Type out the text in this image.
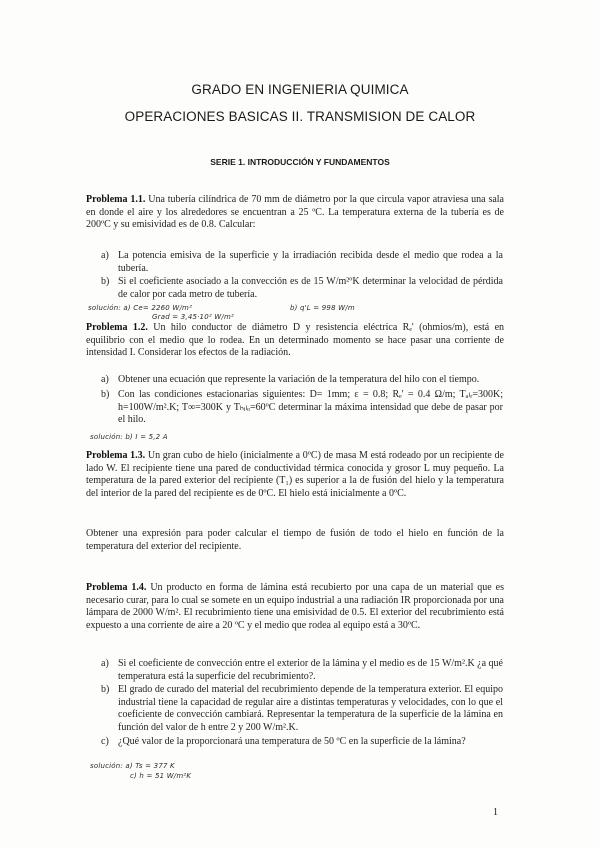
GRADO EN INGENIERIA QUIMICA
OPERACIONES BASICAS II. TRANSMISION DE CALOR
SERIE 1. INTRODUCCIÓN Y FUNDAMENTOS
Problema 1.1. Una tubería cilíndrica de 70 mm de diámetro por la que circula vapor atraviesa una sala en donde el aire y los alrededores se encuentran a 25 ºC. La temperatura externa de la tubería es de 200ºC y su emisividad es de 0.8. Calcular:
a) La potencia emisiva de la superficie y la irradiación recibida desde el medio que rodea a la tubería.
b) Si el coeficiente asociado a la convección es de 15 W/m²ºK determinar la velocidad de pérdida de calor por cada metro de tubería.
solución: a) Ce= 2260 W/m²
Grad = 3,45·10² W/m²
b) q'L = 998 W/m
Problema 1.2. Un hilo conductor de diámetro D y resistencia eléctrica Rₑ' (ohmios/m), está en equilibrio con el medio que lo rodea. En un determinado momento se hace pasar una corriente de intensidad I. Considerar los efectos de la radiación.
a) Obtener una ecuación que represente la variación de la temperatura del hilo con el tiempo.
b) Con las condiciones estacionarias siguientes: D= 1mm; ε = 0.8; Rₑ' = 0.4 Ω/m; Tₐₗᵣ=300K; h=100W/m².K; T∞=300K y Tₕᵢₗₒ=60ºC determinar la máxima intensidad que debe de pasar por el hilo.
solución: b) I = 5,2 A
Problema 1.3. Un gran cubo de hielo (inicialmente a 0ºC) de masa M está rodeado por un recipiente de lado W. El recipiente tiene una pared de conductividad térmica conocida y grosor L muy pequeño. La temperatura de la pared exterior del recipiente (T₁) es superior a la de fusión del hielo y la temperatura del interior de la pared del recipiente es de 0ºC. El hielo está inicialmente a 0ºC.
Obtener una expresión para poder calcular el tiempo de fusión de todo el hielo en función de la temperatura del exterior del recipiente.
Problema 1.4. Un producto en forma de lámina está recubierto por una capa de un material que es necesario curar, para lo cual se somete en un equipo industrial a una radiación IR proporcionada por una lámpara de 2000 W/m². El recubrimiento tiene una emisividad de 0.5. El exterior del recubrimiento está expuesto a una corriente de aire a 20 ºC y el medio que rodea al equipo está a 30ºC.
a) Si el coeficiente de convección entre el exterior de la lámina y el medio es de 15 W/m².K ¿a qué temperatura está la superficie del recubrimiento?.
b) El grado de curado del material del recubrimiento depende de la temperatura exterior. El equipo industrial tiene la capacidad de regular aire a distintas temperaturas y velocidades, con lo que el coeficiente de convección cambiará. Representar la temperatura de la superficie de la lámina en función del valor de h entre 2 y 200 W/m².K.
c) ¿Qué valor de la proporcionará una temperatura de 50 ºC en la superficie de la lámina?
solución: a) Ts = 377 K
c) h = 51 W/m²K
1
